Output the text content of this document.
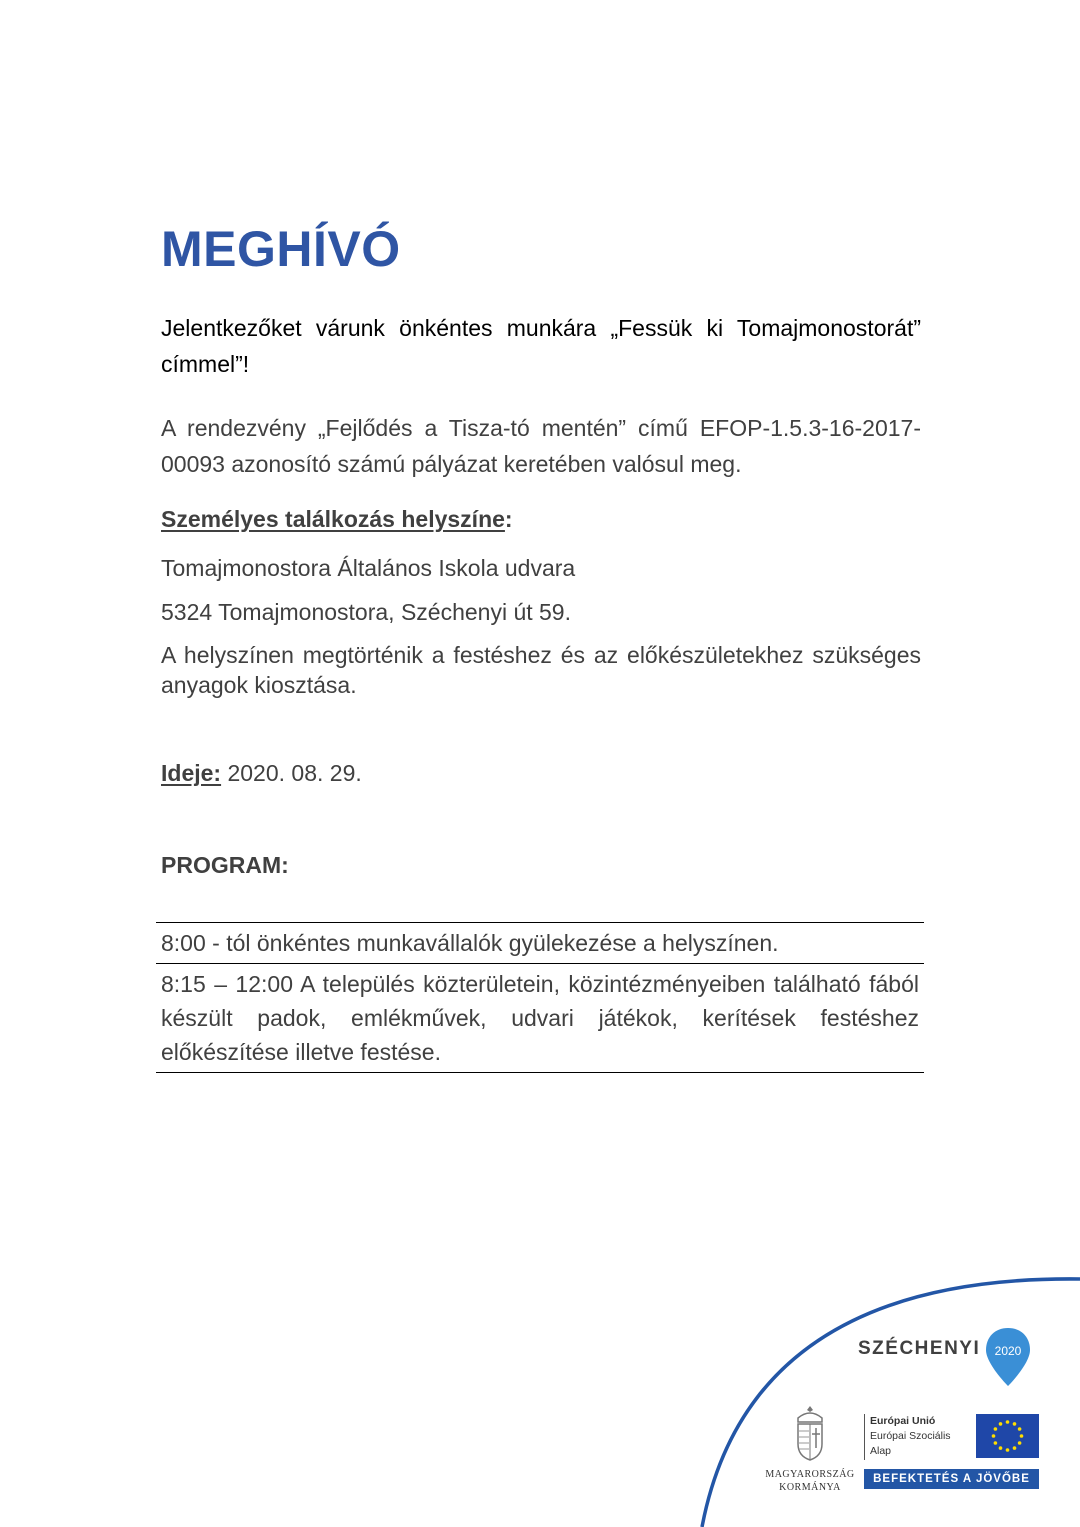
MEGHÍVÓ

Jelentkezőket várunk önkéntes munkára „Fessük ki Tomajmonostorát” címmel”!

A rendezvény „Fejlődés a Tisza-tó mentén” című EFOP-1.5.3-16-2017-00093 azonosító számú pályázat keretében valósul meg.

Személyes találkozás helyszíne:

Tomajmonostora Általános Iskola udvara

5324 Tomajmonostora, Széchenyi út 59.

A helyszínen megtörténik a festéshez és az előkészületekhez szükséges anyagok kiosztása.

Ideje: 2020. 08. 29.
PROGRAM:
8:00 - tól önkéntes munkavállalók gyülekezése a helyszínen.
8:15 – 12:00 A település közterületein, közintézményeiben található fából készült padok, emlékművek, udvari játékok, kerítések festéshez előkészítése illetve festése.
SZÉCHENYI 2020
MAGYARORSZÁG
KORMÁNYA
Európai Unió
Európai Szociális
Alap
BEFEKTETÉS A JÖVŐBE
